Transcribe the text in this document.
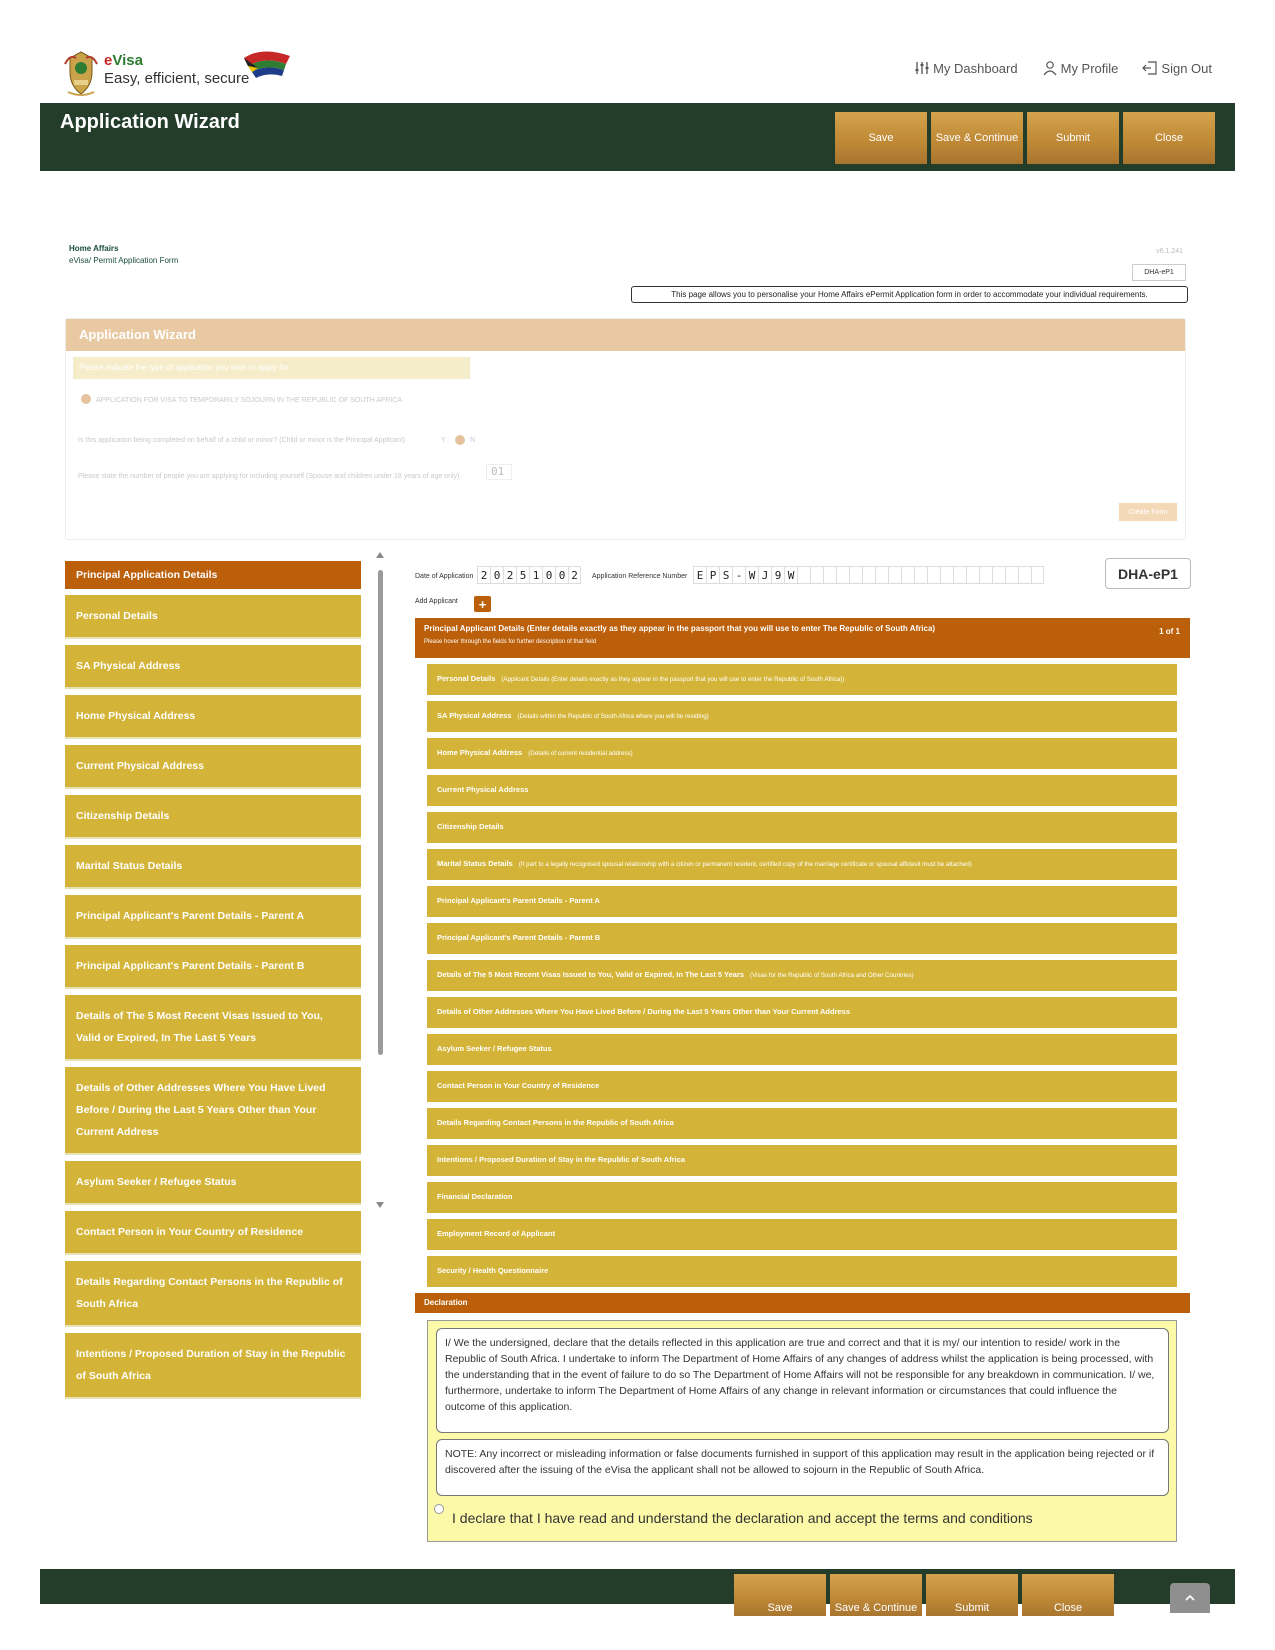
eVisa
Easy, efficient, secure
My Dashboard	My Profile	Sign Out
Application Wizard
Save	Save & Continue	Submit	Close
Home Affairs
eVisa/ Permit Application Form
v6.1.241
DHA-eP1
This page allows you to personalise your Home Affairs ePermit Application form in order to accommodate your individual requirements.
Application Wizard
Please indicate the type of application you wish to apply for
APPLICATION FOR VISA TO TEMPORARILY SOJOURN IN THE REPUBLIC OF SOUTH AFRICA
Is this application being completed on behalf of a child or minor? (Child or minor is the Principal Applicant)	Y	N
Please state the number of people you are applying for including yourself (Spouse and children under 18 years of age only)	01
Create Form
Principal Application Details
Personal Details
SA Physical Address
Home Physical Address
Current Physical Address
Citizenship Details
Marital Status Details
Principal Applicant's Parent Details - Parent A
Principal Applicant's Parent Details - Parent B
Details of The 5 Most Recent Visas Issued to You, Valid or Expired, In The Last 5 Years
Details of Other Addresses Where You Have Lived Before / During the Last 5 Years Other than Your Current Address
Asylum Seeker / Refugee Status
Contact Person in Your Country of Residence
Details Regarding Contact Persons in the Republic of South Africa
Intentions / Proposed Duration of Stay in the Republic of South Africa
Date of Application 2 0 2 5 1 0 0 2	Application Reference Number E P S - W J 9 W	DHA-eP1
Add Applicant +
Principal Applicant Details (Enter details exactly as they appear in the passport that you will use to enter The Republic of South Africa)
Please hover through the fields for further description of that field
1 of 1
Personal Details (Applicant Details (Enter details exactly as they appear in the passport that you will use to enter the Republic of South Africa))
SA Physical Address (Details within the Republic of South Africa where you will be residing)
Home Physical Address (Details of current residential address)
Current Physical Address
Citizenship Details
Marital Status Details (If part to a legally recognised spousal relationship with a citizen or permanent resident, certified copy of the marriage certificate or spousal affidavit must be attached)
Principal Applicant's Parent Details - Parent A
Principal Applicant's Parent Details - Parent B
Details of The 5 Most Recent Visas Issued to You, Valid or Expired, In The Last 5 Years (Visas for the Republic of South Africa and Other Countries)
Details of Other Addresses Where You Have Lived Before / During the Last 5 Years Other than Your Current Address
Asylum Seeker / Refugee Status
Contact Person in Your Country of Residence
Details Regarding Contact Persons in the Republic of South Africa
Intentions / Proposed Duration of Stay in the Republic of South Africa
Financial Declaration
Employment Record of Applicant
Security / Health Questionnaire
Declaration
I/ We the undersigned, declare that the details reflected in this application are true and correct and that it is my/ our intention to reside/ work in the Republic of South Africa. I undertake to inform The Department of Home Affairs of any changes of address whilst the application is being processed, with the understanding that in the event of failure to do so The Department of Home Affairs will not be responsible for any breakdown in communication. I/ we, furthermore, undertake to inform The Department of Home Affairs of any change in relevant information or circumstances that could influence the outcome of this application.
NOTE: Any incorrect or misleading information or false documents furnished in support of this application may result in the application being rejected or if discovered after the issuing of the eVisa the applicant shall not be allowed to sojourn in the Republic of South Africa.
I declare that I have read and understand the declaration and accept the terms and conditions
Save	Save & Continue	Submit	Close
